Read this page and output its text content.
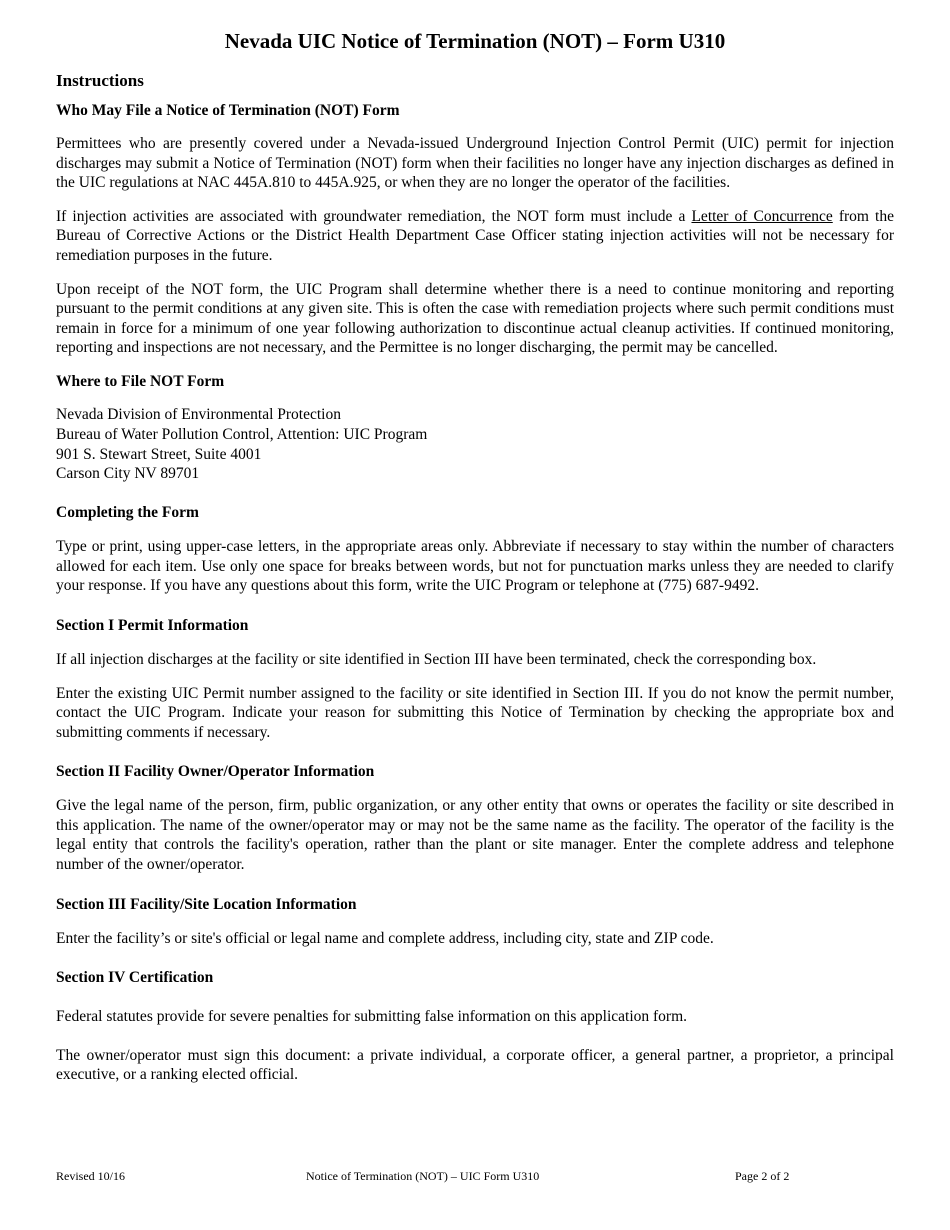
Nevada UIC Notice of Termination (NOT) – Form U310
Instructions
Who May File a Notice of Termination (NOT) Form

Permittees who are presently covered under a Nevada-issued Underground Injection Control Permit (UIC) permit for injection discharges may submit a Notice of Termination (NOT) form when their facilities no longer have any injection discharges as defined in the UIC regulations at NAC 445A.810 to 445A.925, or when they are no longer the operator of the facilities.

If injection activities are associated with groundwater remediation, the NOT form must include a Letter of Concurrence from the Bureau of Corrective Actions or the District Health Department Case Officer stating injection activities will not be necessary for remediation purposes in the future.

Upon receipt of the NOT form, the UIC Program shall determine whether there is a need to continue monitoring and reporting pursuant to the permit conditions at any given site. This is often the case with remediation projects where such permit conditions must remain in force for a minimum of one year following authorization to discontinue actual cleanup activities. If continued monitoring, reporting and inspections are not necessary, and the Permittee is no longer discharging, the permit may be cancelled.

Where to File NOT Form
Nevada Division of Environmental Protection
Bureau of Water Pollution Control, Attention: UIC Program
901 S. Stewart Street, Suite 4001
Carson City NV 89701
Completing the Form

Type or print, using upper-case letters, in the appropriate areas only. Abbreviate if necessary to stay within the number of characters allowed for each item. Use only one space for breaks between words, but not for punctuation marks unless they are needed to clarify your response. If you have any questions about this form, write the UIC Program or telephone at (775) 687-9492.

Section I Permit Information

If all injection discharges at the facility or site identified in Section III have been terminated, check the corresponding box.

Enter the existing UIC Permit number assigned to the facility or site identified in Section III. If you do not know the permit number, contact the UIC Program. Indicate your reason for submitting this Notice of Termination by checking the appropriate box and submitting comments if necessary.

Section II Facility Owner/Operator Information

Give the legal name of the person, firm, public organization, or any other entity that owns or operates the facility or site described in this application. The name of the owner/operator may or may not be the same name as the facility. The operator of the facility is the legal entity that controls the facility's operation, rather than the plant or site manager. Enter the complete address and telephone number of the owner/operator.

Section III Facility/Site Location Information

Enter the facility’s or site's official or legal name and complete address, including city, state and ZIP code.

Section IV Certification

Federal statutes provide for severe penalties for submitting false information on this application form.

The owner/operator must sign this document: a private individual, a corporate officer, a general partner, a proprietor, a principal executive, or a ranking elected official.

Revised 10/16	Notice of Termination (NOT) – UIC Form U310	Page 2 of 2
